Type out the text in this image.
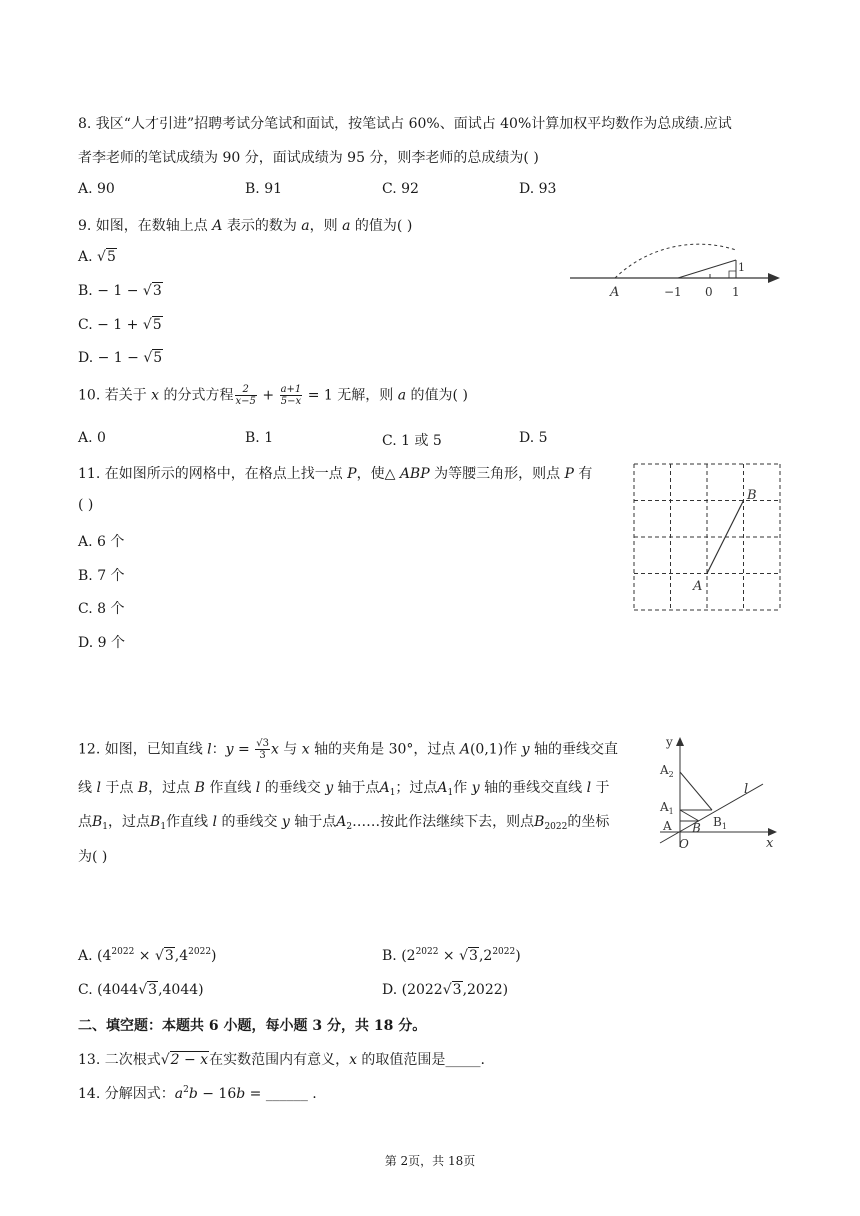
8. 我区“人才引进”招聘考试分笔试和面试，按笔试占 60%、面试占 40%计算加权平均数作为总成绩.应试
者李老师的笔试成绩为 90 分，面试成绩为 95 分，则李老师的总成绩为( )
A. 90	B. 91	C. 92	D. 93
9. 如图，在数轴上点 A 表示的数为 a，则 a 的值为( )
A. √5
B. − 1 − √3
C. − 1 + √5
D. − 1 − √5
A	−1 0 1
1
10. 若关于 x 的分式方程 $\frac{2}{x-5} + \frac{a+1}{5-x} = 1$ 无解，则 a 的值为( )
A. 0	B. 1	C. 1 或 5	D. 5
11. 在如图所示的网格中，在格点上找一点 P，使△ ABP 为等腰三角形，则点 P 有
( )
A. 6 个
B. 7 个
C. 8 个
D. 9 个
A
B
12. 如图，已知直线 l：$y = \frac{√3}{3}$ x 与 x 轴的夹角是 30°，过点 A(0,1)作 y 轴的垂线交直
线 l 于点 B，过点 B 作直线 l 的垂线交 y 轴于点$A_1$；过点$A_1$作 y 轴的垂线交直线 l 于
点$B_1$，过点$B_1$作直线 l 的垂线交 y 轴于点$A_2\dots\dots$按此作法继续下去，则点$B_{2022}$的坐标
为( )
y
x
O
l
A
$A_1$
$A_2$
B $B_1$
A. $(4^{2022} \times √3,4^{2022})$	B. $(2^{2022} \times √3,2^{2022})$
C. (4044√3,4044)	D. (2022√3,2022)
二、填空题：本题共 6 小题，每小题 3 分，共 18 分。
13. 二次根式√2 − x在实数范围内有意义，x 的取值范围是_____.
14. 分解因式：$a^2b - 16b$ = ______ .
第 2页，共 18页
